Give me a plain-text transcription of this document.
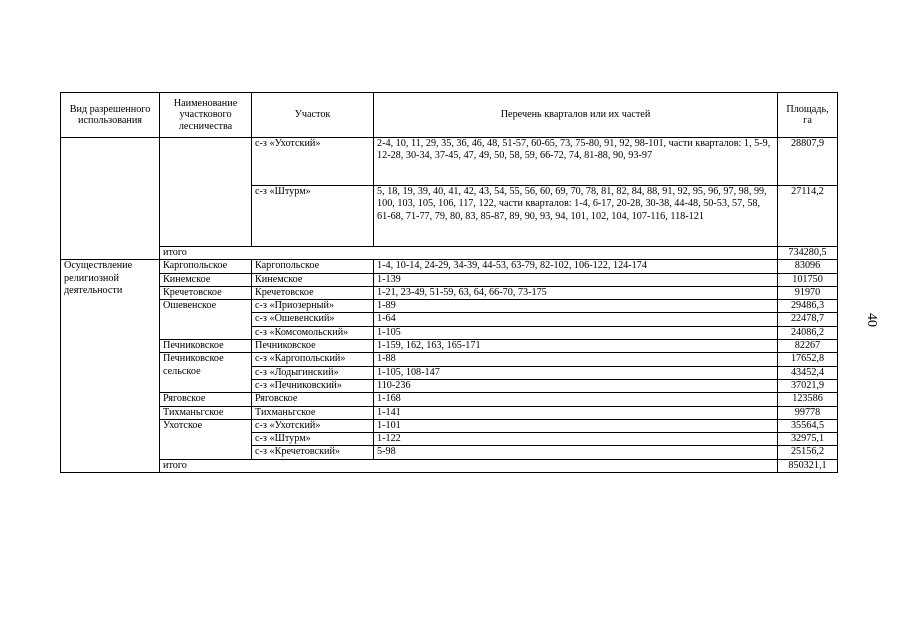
Вид разрешенного использования	Наименование участкового лесничества	Участок	Перечень кварталов или их частей	Площадь, га
		с-з «Ухотский»	2-4, 10, 11, 29, 35, 36, 46, 48, 51-57, 60-65, 73, 75-80, 91, 92, 98-101, части кварталов: 1, 5-9, 12-28, 30-34, 37-45, 47, 49, 50, 58, 59, 66-72, 74, 81-88, 90, 93-97	28807,9
		с-з «Штурм»	5, 18, 19, 39, 40, 41, 42, 43, 54, 55, 56, 60, 69, 70, 78, 81, 82, 84, 88, 91, 92, 95, 96, 97, 98, 99, 100, 103, 105, 106, 117, 122, части кварталов: 1-4, 6-17, 20-28, 30-38, 44-48, 50-53, 57, 58, 61-68, 71-77, 79, 80, 83, 85-87, 89, 90, 93, 94, 101, 102, 104, 107-116, 118-121	27114,2
	итого			734280,5
Осуществление религиозной деятельности	Каргопольское	Каргопольское	1-4, 10-14, 24-29, 34-39, 44-53, 63-79, 82-102, 106-122, 124-174	83096
	Кинемское	Кинемское	1-139	101750
	Кречетовское	Кречетовское	1-21, 23-49, 51-59, 63, 64, 66-70, 73-175	91970
	Ошевенское	с-з «Приозерный»	1-89	29486,3
		с-з «Ошевенский»	1-64	22478,7
		с-з «Комсомольский»	1-105	24086,2
	Печниковское	Печниковское	1-159, 162, 163, 165-171	82267
	Печниковское сельское	с-з «Каргопольский»	1-88	17652,8
		с-з «Лодыгинский»	1-105, 108-147	43452,4
		с-з «Печниковский»	110-236	37021,9
	Ряговское	Ряговское	1-168	123586
	Тихманьгское	Тихманьгское	1-141	99778
	Ухотское	с-з «Ухотский»	1-101	35564,5
		с-з «Штурм»	1-122	32975,1
		с-з «Кречетовский»	5-98	25156,2
	итого			850321,1
40
